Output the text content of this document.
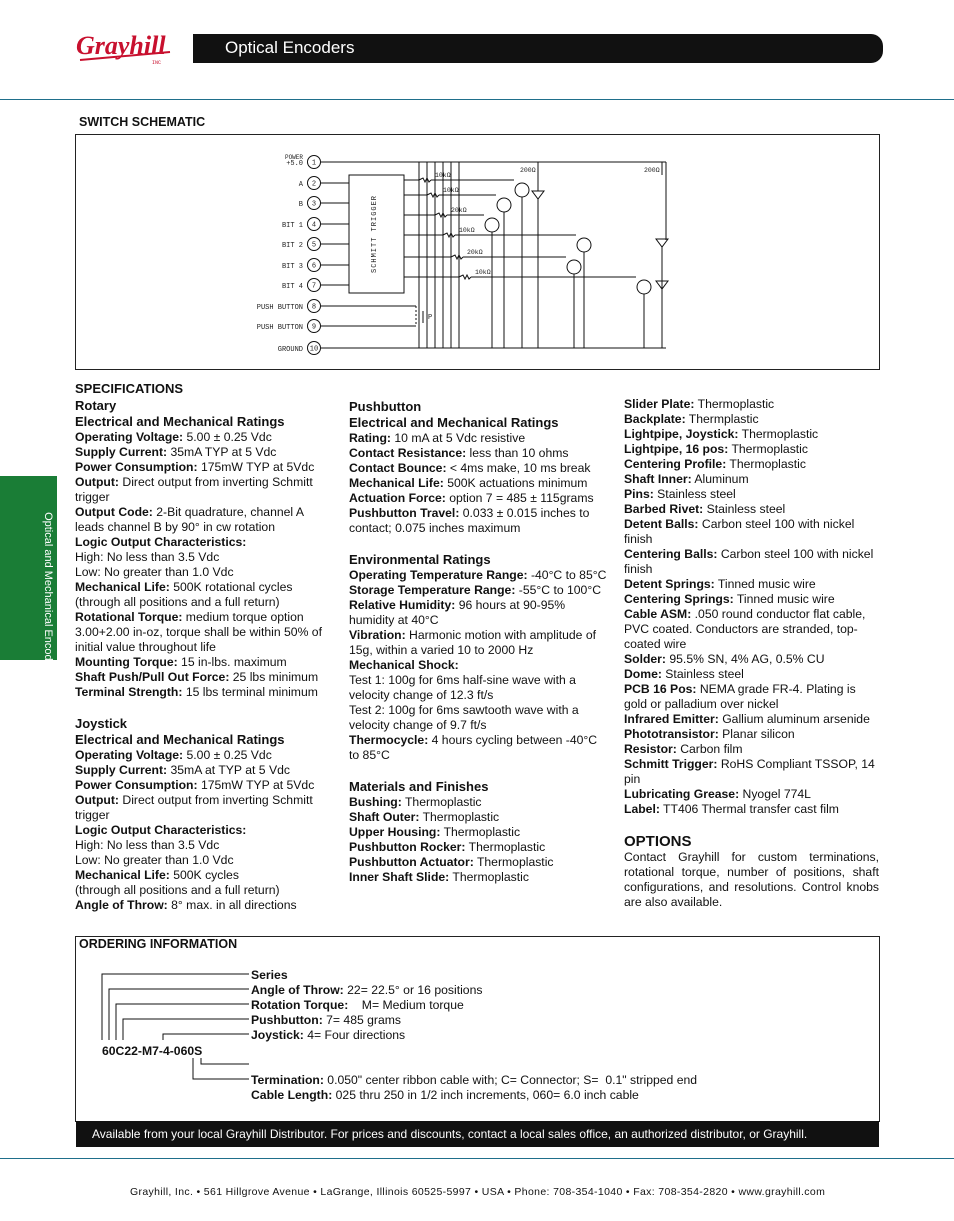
Grayhill
INC
Optical Encoders
Optical and Mechanical Encoders
SWITCH SCHEMATIC
1
+5.0
POWER
2
A
3
B
4
BIT 1
5
BIT 2
6
BIT 3
7
BIT 4
8
PUSH BUTTON
9
PUSH BUTTON
10
GROUND
SCHMITT TRIGGER
10kΩ
10kΩ
20kΩ
10kΩ
20kΩ
10kΩ
200Ω	200Ω
P
SPECIFICATIONS

Rotary

Electrical and Mechanical Ratings

Operating Voltage: 5.00 ± 0.25 Vdc

Supply Current: 35mA TYP at 5 Vdc

Power Consumption: 175mW TYP at 5Vdc

Output: Direct output from inverting Schmitt trigger

Output Code: 2-Bit quadrature, channel A leads channel B by 90° in cw rotation

Logic Output Characteristics:

High: No less than 3.5 Vdc

Low: No greater than 1.0 Vdc

Mechanical Life: 500K rotational cycles

(through all positions and a full return)

Rotational Torque: medium torque option 3.00+2.00 in-oz, torque shall be within 50% of initial value throughout life

Mounting Torque: 15 in-lbs. maximum

Shaft Push/Pull Out Force: 25 lbs minimum

Terminal Strength: 15 lbs terminal minimum

Joystick

Electrical and Mechanical Ratings

Operating Voltage: 5.00 ± 0.25 Vdc

Supply Current: 35mA at TYP at 5 Vdc

Power Consumption: 175mW TYP at 5Vdc

Output: Direct output from inverting Schmitt trigger

Logic Output Characteristics:

High: No less than 3.5 Vdc

Low: No greater than 1.0 Vdc

Mechanical Life: 500K cycles

(through all positions and a full return)

Angle of Throw: 8° max. in all directions

Pushbutton

Electrical and Mechanical Ratings

Rating: 10 mA at 5 Vdc resistive

Contact Resistance: less than 10 ohms

Contact Bounce: < 4ms make, 10 ms break

Mechanical Life: 500K actuations minimum

Actuation Force: option 7 = 485 ± 115grams

Pushbutton Travel: 0.033 ± 0.015 inches to contact; 0.075 inches maximum

Environmental Ratings

Operating Temperature Range: -40°C to 85°C

Storage Temperature Range: -55°C to 100°C

Relative Humidity: 96 hours at 90-95% humidity at 40°C

Vibration: Harmonic motion with amplitude of 15g, within a varied 10 to 2000 Hz

Mechanical Shock:

Test 1: 100g for 6ms half-sine wave with a velocity change of 12.3 ft/s

Test 2: 100g for 6ms sawtooth wave with a velocity change of 9.7 ft/s

Thermocycle: 4 hours cycling between -40°C to 85°C

Materials and Finishes

Bushing: Thermoplastic

Shaft Outer: Thermoplastic

Upper Housing: Thermoplastic

Pushbutton Rocker: Thermoplastic

Pushbutton Actuator: Thermoplastic

Inner Shaft Slide: Thermoplastic

Slider Plate: Thermoplastic

Backplate: Thermplastic

Lightpipe, Joystick: Thermoplastic

Lightpipe, 16 pos: Thermoplastic

Centering Profile: Thermoplastic

Shaft Inner: Aluminum

Pins: Stainless steel

Barbed Rivet: Stainless steel

Detent Balls: Carbon steel 100 with nickel finish

Centering Balls: Carbon steel 100 with nickel finish

Detent Springs: Tinned music wire

Centering Springs: Tinned music wire

Cable ASM: .050 round conductor flat cable, PVC coated. Conductors are stranded, top-coated wire

Solder: 95.5% SN, 4% AG, 0.5% CU

Dome: Stainless steel

PCB 16 Pos: NEMA grade FR-4. Plating is gold or palladium over nickel

Infrared Emitter: Gallium aluminum arsenide

Phototransistor: Planar silicon

Resistor: Carbon film

Schmitt Trigger: RoHS Compliant TSSOP, 14 pin

Lubricating Grease: Nyogel 774L

Label: TT406 Thermal transfer cast film

OPTIONS
Contact Grayhill for custom terminations, rotational torque, number of positions, shaft configurations, and resolutions. Control knobs are also available.
ORDERING INFORMATION
60C22-M7-4-060S
Series
Angle of Throw: 22= 22.5° or 16 positions
Rotation Torque:    M= Medium torque
Pushbutton: 7= 485 grams
Joystick: 4= Four directions
Termination: 0.050" center ribbon cable with; C= Connector; S=  0.1" stripped end
Cable Length: 025 thru 250 in 1/2 inch increments, 060= 6.0 inch cable
Available from your local Grayhill Distributor. For prices and discounts, contact a local sales office, an authorized distributor, or Grayhill.
Grayhill, Inc. • 561 Hillgrove Avenue • LaGrange, Illinois 60525-5997 • USA • Phone: 708-354-1040 • Fax: 708-354-2820 • www.grayhill.com
